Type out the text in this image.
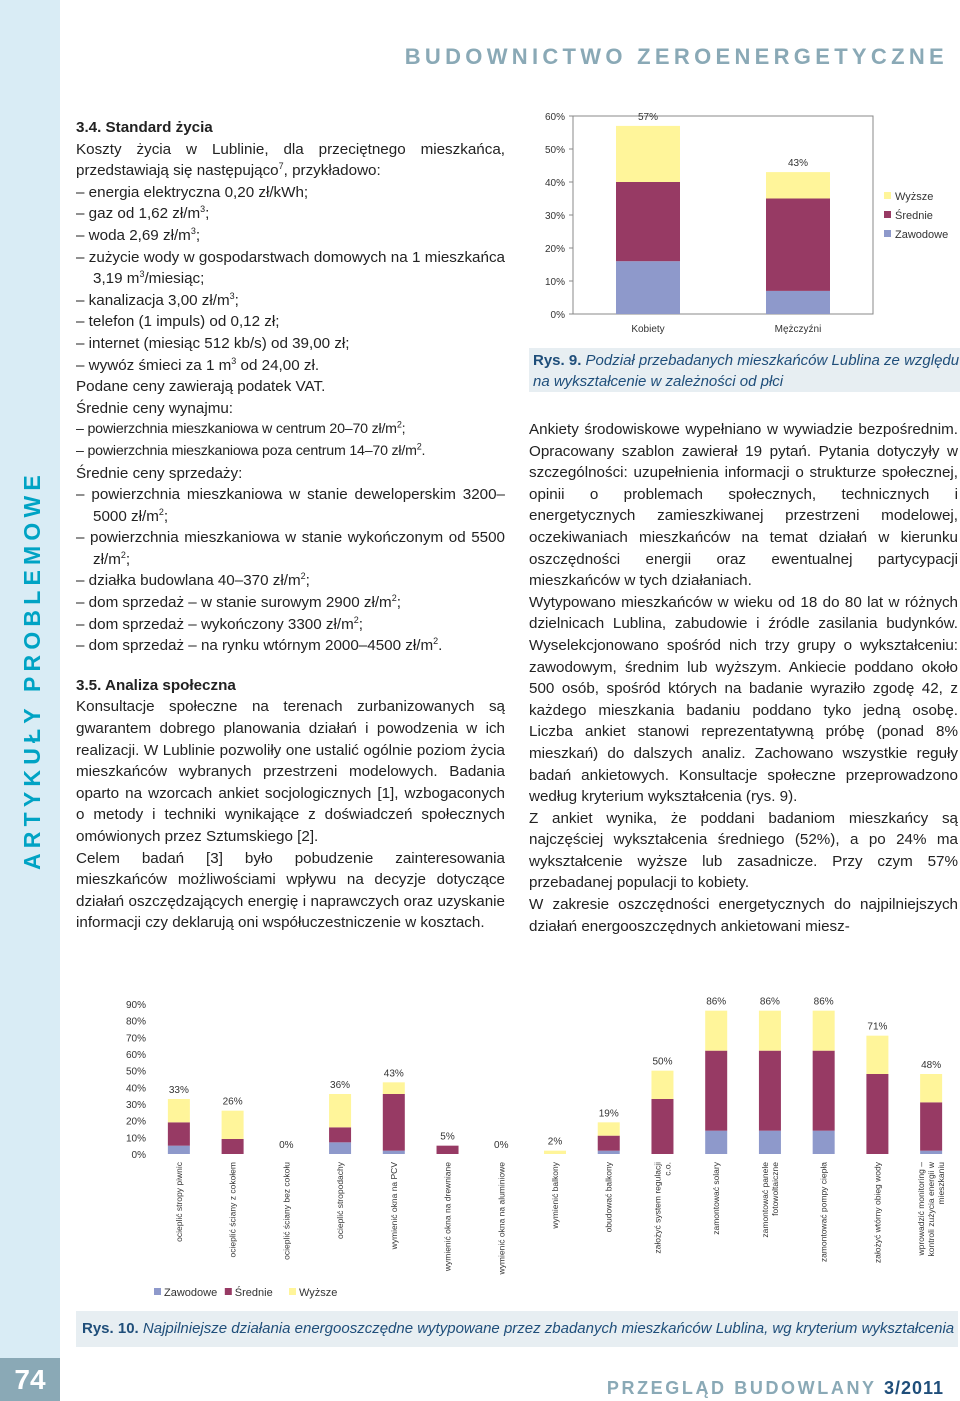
ARTYKUŁY PROBLEMOWE
BUDOWNICTWO ZEROENERGETYCZNE
0%
10%
20%
30%
40%
50%
60%	57%
Kobiety
43%
Mężczyźni
Wyższe
Średnie
Zawodowe
Rys. 9. Podział przebadanych mieszkańców Lublina ze względu na wykształcenie w zależności od płci

3.4. Standard życia

Koszty życia w Lublinie, dla przeciętnego mieszkańca, przedstawiają się następująco$^7$, przykładowo:

– energia elektryczna 0,20 zł/kWh;

– gaz od 1,62 $zł/m^3$;

– woda 2,69 $zł/m^3$;

– zużycie wody w gospodarstwach domowych na 1 mieszkańca 3,19 $m^3$/miesiąc;

– kanalizacja 3,00 $zł/m^3$;

– telefon (1 impuls) od 0,12 zł;

– internet (miesiąc 512 kb/s) od 39,00 zł;

– wywóz śmieci za 1 $m^3$ od 24,00 zł.

Podane ceny zawierają podatek VAT.

Średnie ceny wynajmu:

– powierzchnia mieszkaniowa w centrum 20–70 $zł/m^2$;

– powierzchnia mieszkaniowa poza centrum 14–70 $zł/m^2$.

Średnie ceny sprzedaży:

– powierzchnia mieszkaniowa w stanie deweloperskim 3200–5000 $zł/m^2$;

– powierzchnia mieszkaniowa w stanie wykończonym od 5500 $zł/m^2$;

– działka budowlana 40–370 $zł/m^2$;

– dom sprzedaż – w stanie surowym 2900 $zł/m^2$;

– dom sprzedaż – wykończony 3300 $zł/m^2$;

– dom sprzedaż – na rynku wtórnym 2000–4500 $zł/m^2$.

3.5. Analiza społeczna

Konsultacje społeczne na terenach zurbanizowanych są gwarantem dobrego planowania działań i powodzenia w ich realizacji. W Lublinie pozwoliły one ustalić ogólnie poziom życia mieszkańców wybranych przestrzeni modelowych. Badania oparto na wzorcach ankiet socjologicznych [1], wzbogaconych o metody i techniki wynikające z doświadczeń społecznych omówionych przez Sztumskiego [2].

Celem badań [3] było pobudzenie zainteresowania mieszkańców możliwościami wpływu na decyzje dotyczące działań oszczędzających energię i naprawczych oraz uzyskanie informacji czy deklarują oni współuczestniczenie w kosztach.

Ankiety środowiskowe wypełniano w wywiadzie bezpośrednim. Opracowany szablon zawierał 19 pytań. Pytania dotyczyły w szczególności: uzupełnienia informacji o strukturze społecznej, opinii o problemach społecznych, technicznych i energetycznych zamieszkiwanej przestrzeni modelowej, oczekiwaniach mieszkańców na temat działań w kierunku oszczędności energii oraz ewentualnej partycypacji mieszkańców w tych działaniach.

Wytypowano mieszkańców w wieku od 18 do 80 lat w różnych dzielnicach Lublina, zabudowie i źródle zasilania budynków. Wyselekcjonowano spośród nich trzy grupy o wykształceniu: zawodowym, średnim lub wyższym. Ankiecie poddano około 500 osób, spośród których na badanie wyraziło zgodę 42, z każdego mieszkania badaniu poddano tyko jedną osobę. Liczba ankiet stanowi reprezentatywną próbę (ponad 8% mieszkań) do dalszych analiz. Zachowano wszystkie reguły badań ankietowych. Konsultacje społeczne przeprowadzono według kryterium wykształcenia (rys. 9).

Z ankiet wynika, że poddani badaniom mieszkańcy są najczęściej wykształcenia średniego (52%), a po 24% ma wykształcenie wyższe lub zasadnicze. Przy czym 57% przebadanej populacji to kobiety.

W zakresie oszczędności energetycznych do najpilniejszych działań energooszczędnych ankietowani miesz-

0%
10%
20%
30%
40%
50%
60%
70%
80%
90%
33%
ocieplić stropy piwnic
26%
ocieplić ściany z cokołem
0%
ocieplić ściany bez cokołu
36%
ocieplić stropodachy
43%
wymienić okna na PCV
5%
wymienić okna na drewniane
0%
wymienić okna na aluminiowe
2%
wymienić balkony
19%
obudować balkony
50%
założyć system regulacjic.o.
86%
zamontować solary
86%
zamontować panelefotowoltaiczne
86%
zamontować pompy ciepła
71%
założyć wtórny obieg wody
48%
wprowadzić monitoring –kontroli zużycia energii wmieszkaniu
Zawodowe Średnie Wyższe
Rys. 10. Najpilniejsze działania energooszczędne wytypowane przez zbadanych mieszkańców Lublina, wg kryterium wykształcenia
74	PRZEGLĄD BUDOWLANY 3/2011
